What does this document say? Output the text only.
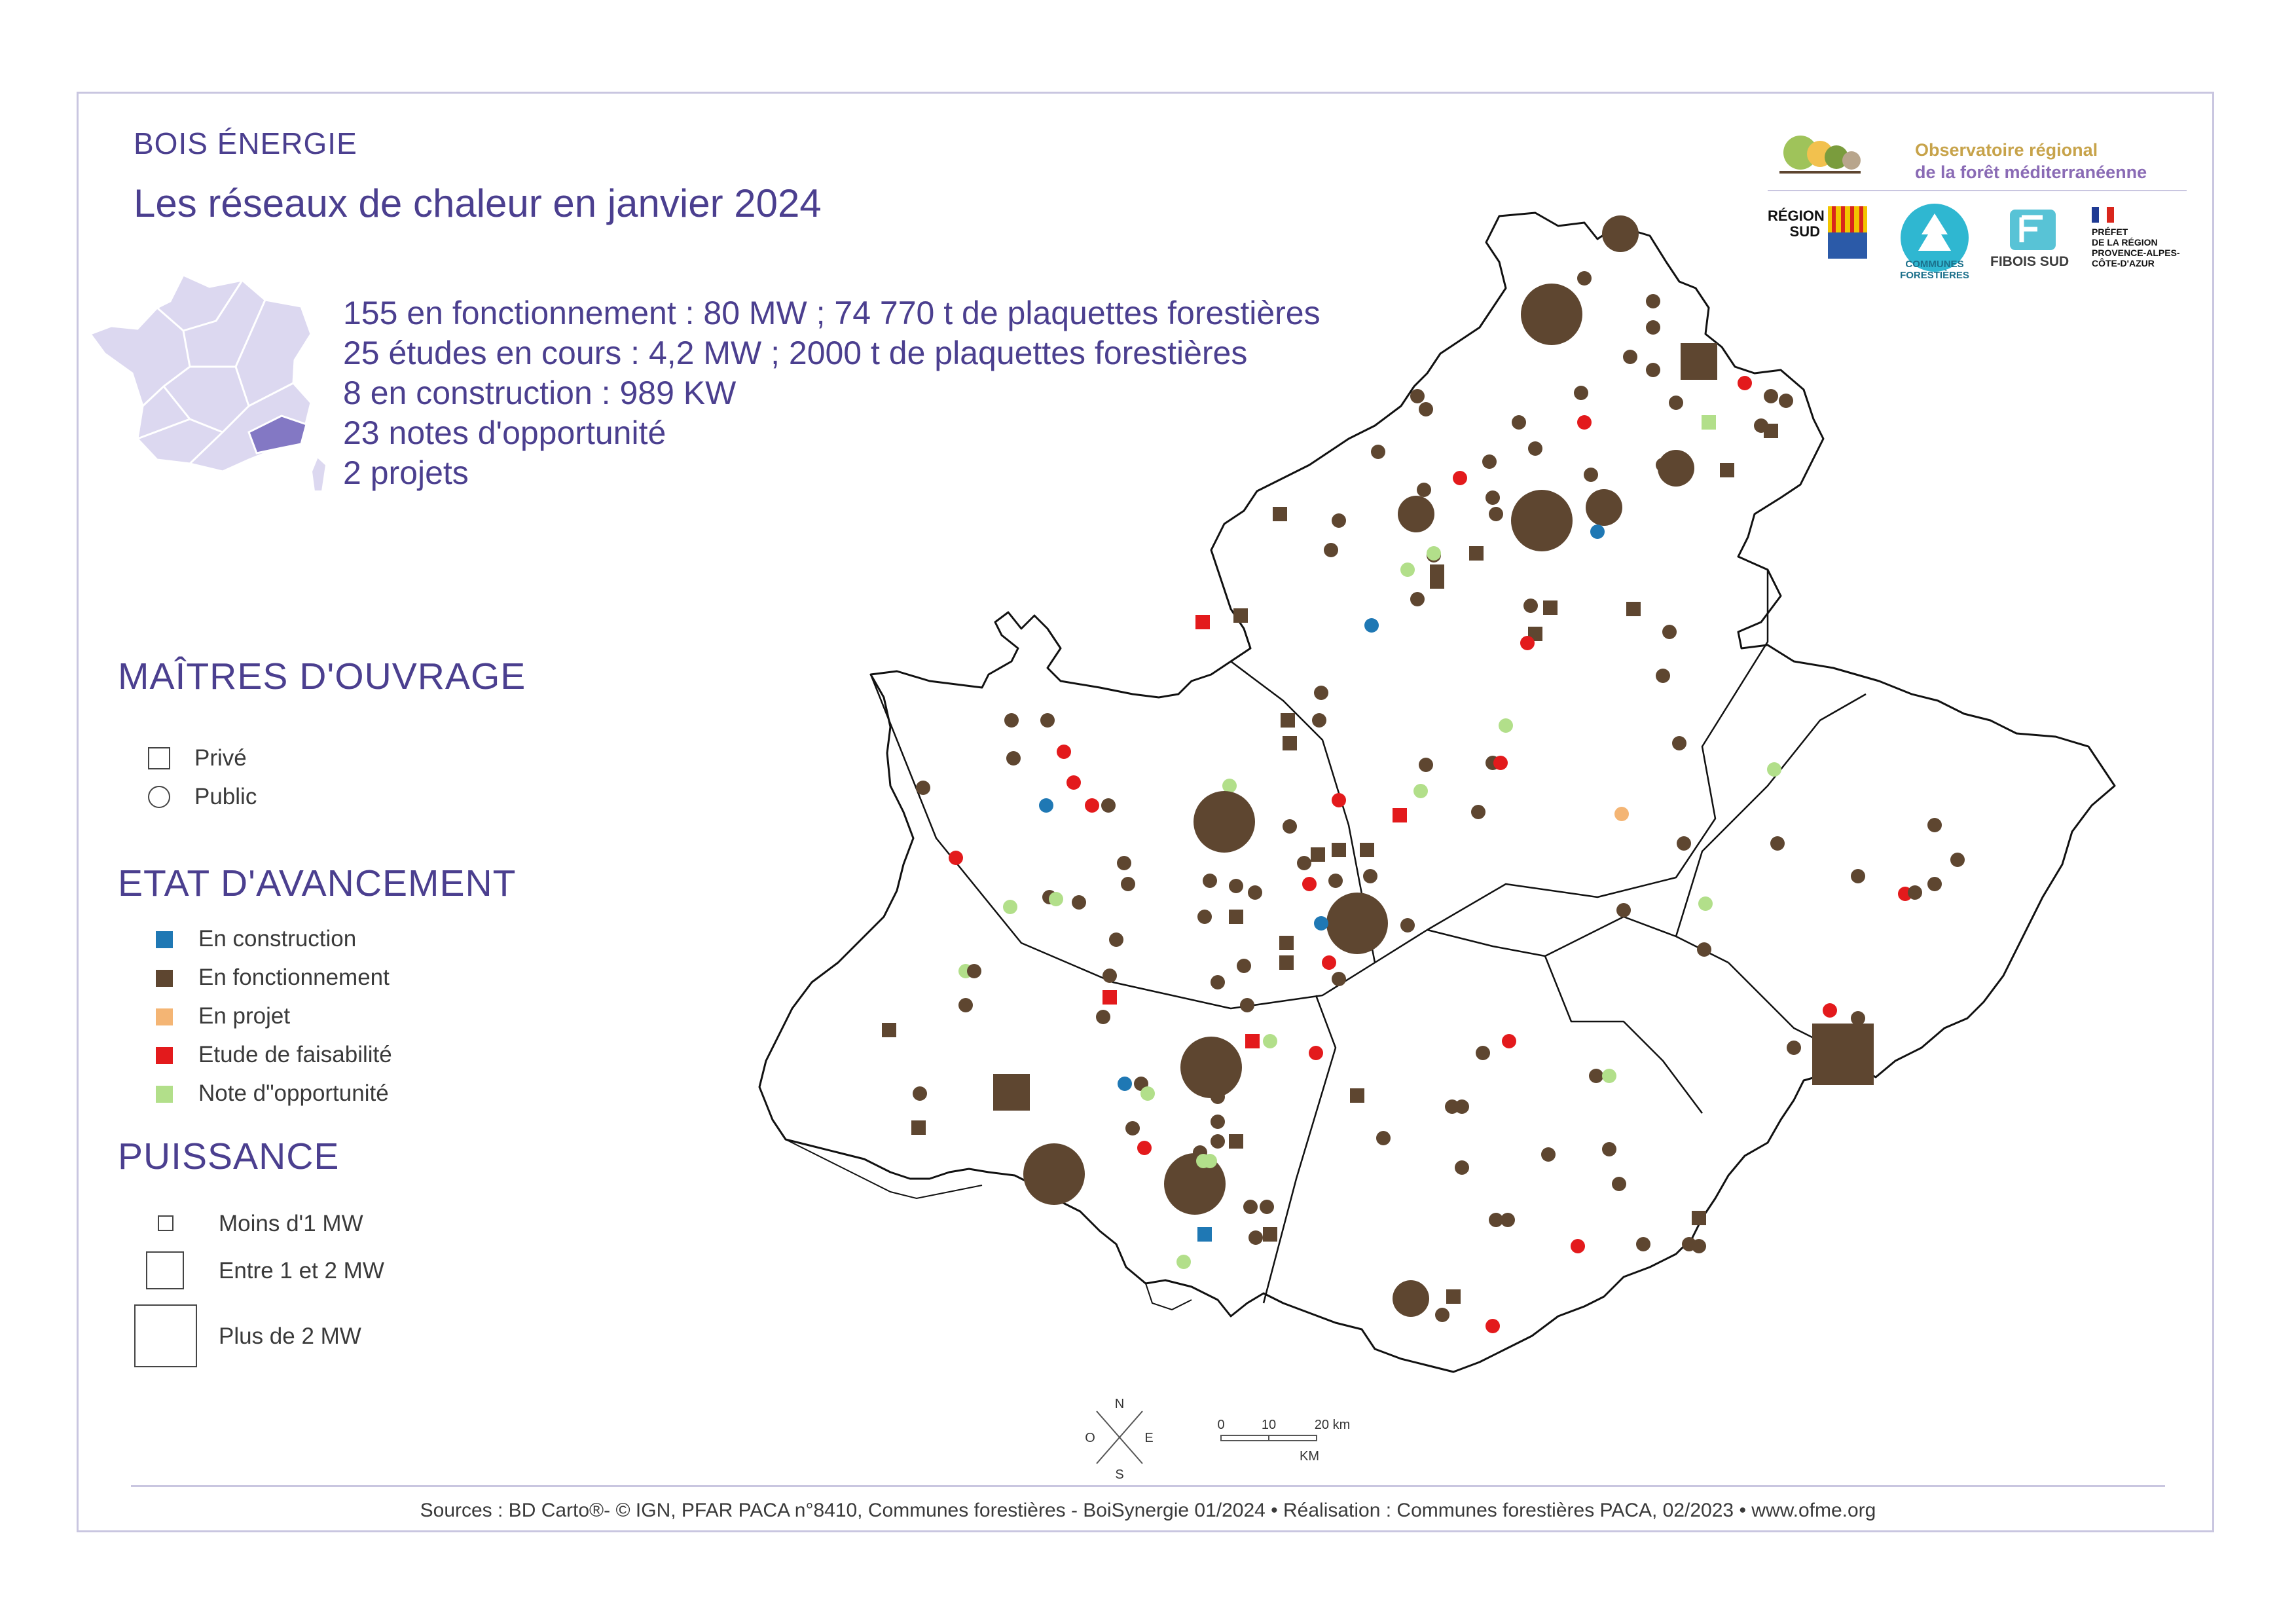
BOIS ÉNERGIE
Les réseaux de chaleur en janvier 2024
155 en fonctionnement : 80 MW ; 74 770 t de plaquettes forestières
25 études en cours : 4,2 MW ; 2000 t de plaquettes forestières
8 en construction : 989 KW
23 notes d'opportunité
2 projets
MAÎTRES D'OUVRAGE
Privé
Public
ETAT D'AVANCEMENT
En construction
En fonctionnement
En projet
Etude de faisabilité
Note d"opportunité
PUISSANCE
Moins d'1 MW
Entre 1 et 2 MW
Plus de 2 MW
Observatoire régional
de la forêt méditerranéenne
RÉGION
SUD
COMMUNES
FORESTIÈRES
FIBOIS SUD
PRÉFET
DE LA RÉGION
PROVENCE-ALPES-
CÔTE-D'AZUR
N
S
E
O
0	10	20 km
KM
Sources : BD Carto®- © IGN, PFAR PACA n°8410, Communes forestières - BoiSynergie 01/2024 • Réalisation : Communes forestières PACA, 02/2023 • www.ofme.org
